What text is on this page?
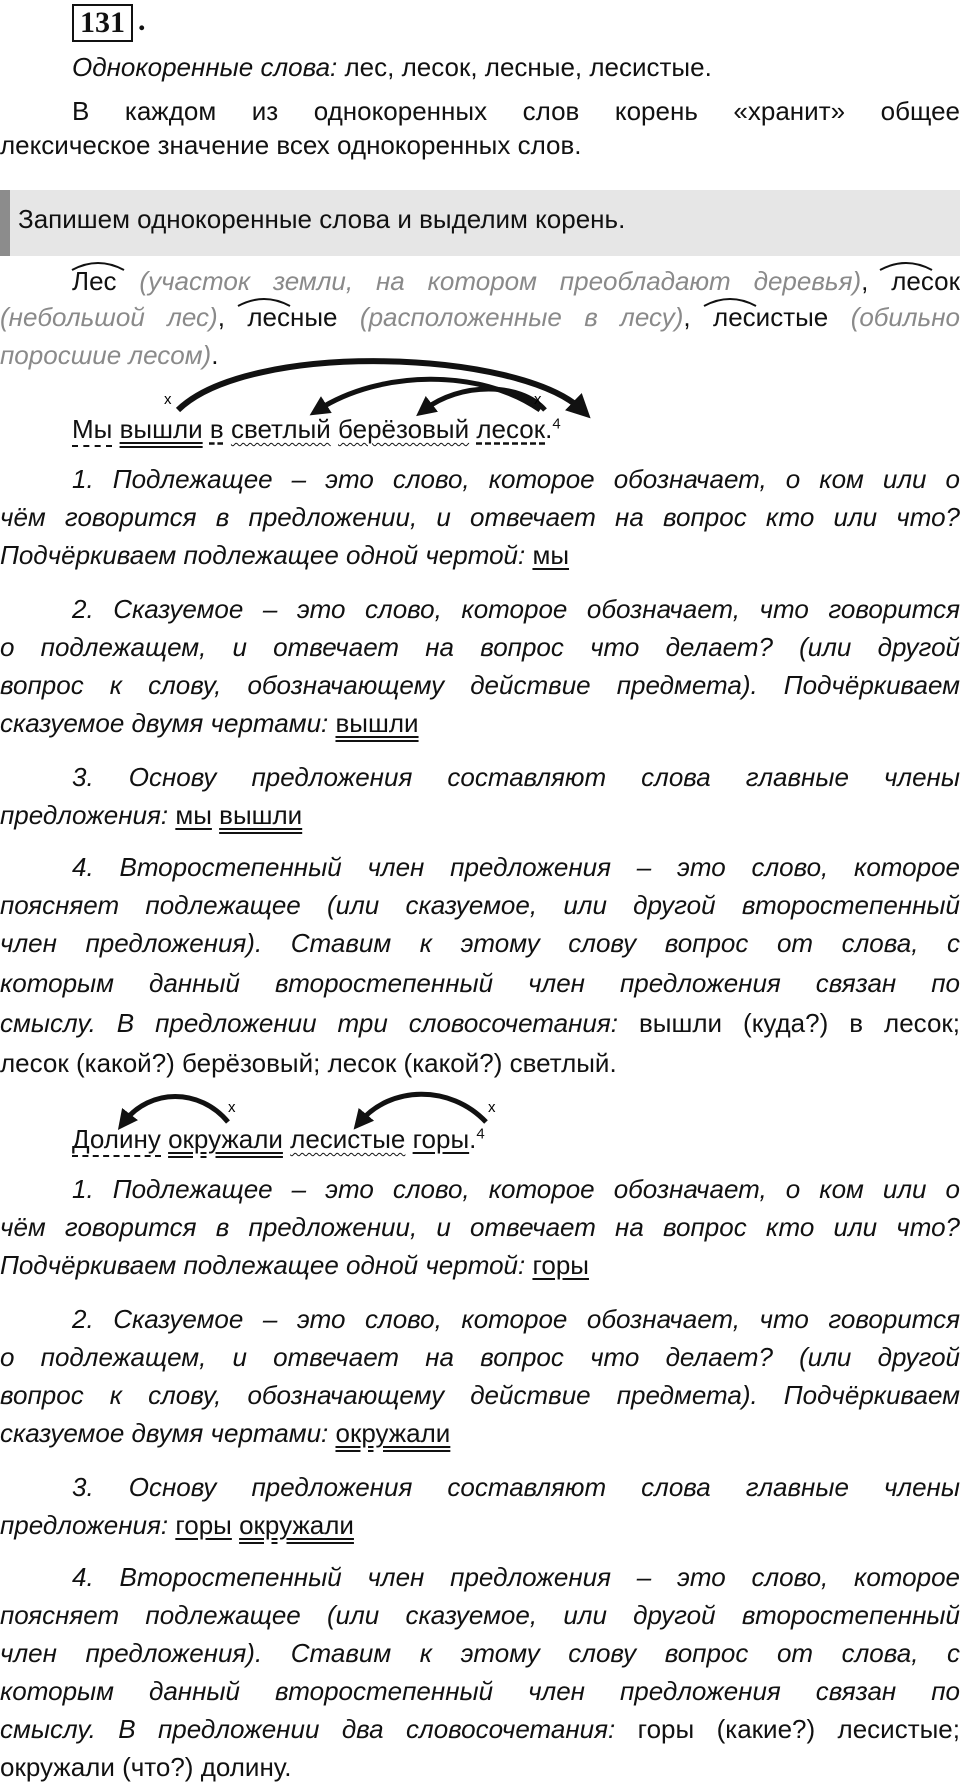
131 .
Однокоренные слова: лес, лесок, лесные, лесистые.
В каждом из однокоренных слов корень «хранит» общее
лексическое значение всех однокоренных слов.
Запишем однокоренные слова и выделим корень.
Лес (участок земли, на котором преобладают деревья), лесок
(небольшой лес), лесные (расположенные в лесу), лесистые (обильно
поросшие лесом).
Мы вышли в светлый берёзовый лесок.$^4$
1. Подлежащее – это слово, которое обозначает, о ком или о
чём говорится в предложении, и отвечает на вопрос кто или что?
Подчёркиваем подлежащее одной чертой: мы
2. Сказуемое – это слово, которое обозначает, что говорится
о подлежащем, и отвечает на вопрос что делает? (или другой
вопрос к слову, обозначающему действие предмета). Подчёркиваем
сказуемое двумя чертами: вышли
3. Основу предложения составляют слова главные члены
предложения: мы вышли
4. Второстепенный член предложения – это слово, которое
поясняет подлежащее (или сказуемое, или другой второстепенный
член предложения). Ставим к этому слову вопрос от слова, с
которым данный второстепенный член предложения связан по
смыслу. В предложении три словосочетания: вышли (куда?) в лесок;
лесок (какой?) берёзовый; лесок (какой?) светлый.
Долину окружали лесистые горы.$^4$
1. Подлежащее – это слово, которое обозначает, о ком или о
чём говорится в предложении, и отвечает на вопрос кто или что?
Подчёркиваем подлежащее одной чертой: горы
2. Сказуемое – это слово, которое обозначает, что говорится
о подлежащем, и отвечает на вопрос что делает? (или другой
вопрос к слову, обозначающему действие предмета). Подчёркиваем
сказуемое двумя чертами: окружали
3. Основу предложения составляют слова главные члены
предложения: горы окружали
4. Второстепенный член предложения – это слово, которое
поясняет подлежащее (или сказуемое, или другой второстепенный
член предложения). Ставим к этому слову вопрос от слова, с
которым данный второстепенный член предложения связан по
смыслу. В предложении два словосочетания: горы (какие?) лесистые;
окружали (что?) долину.
x	x
x	x
